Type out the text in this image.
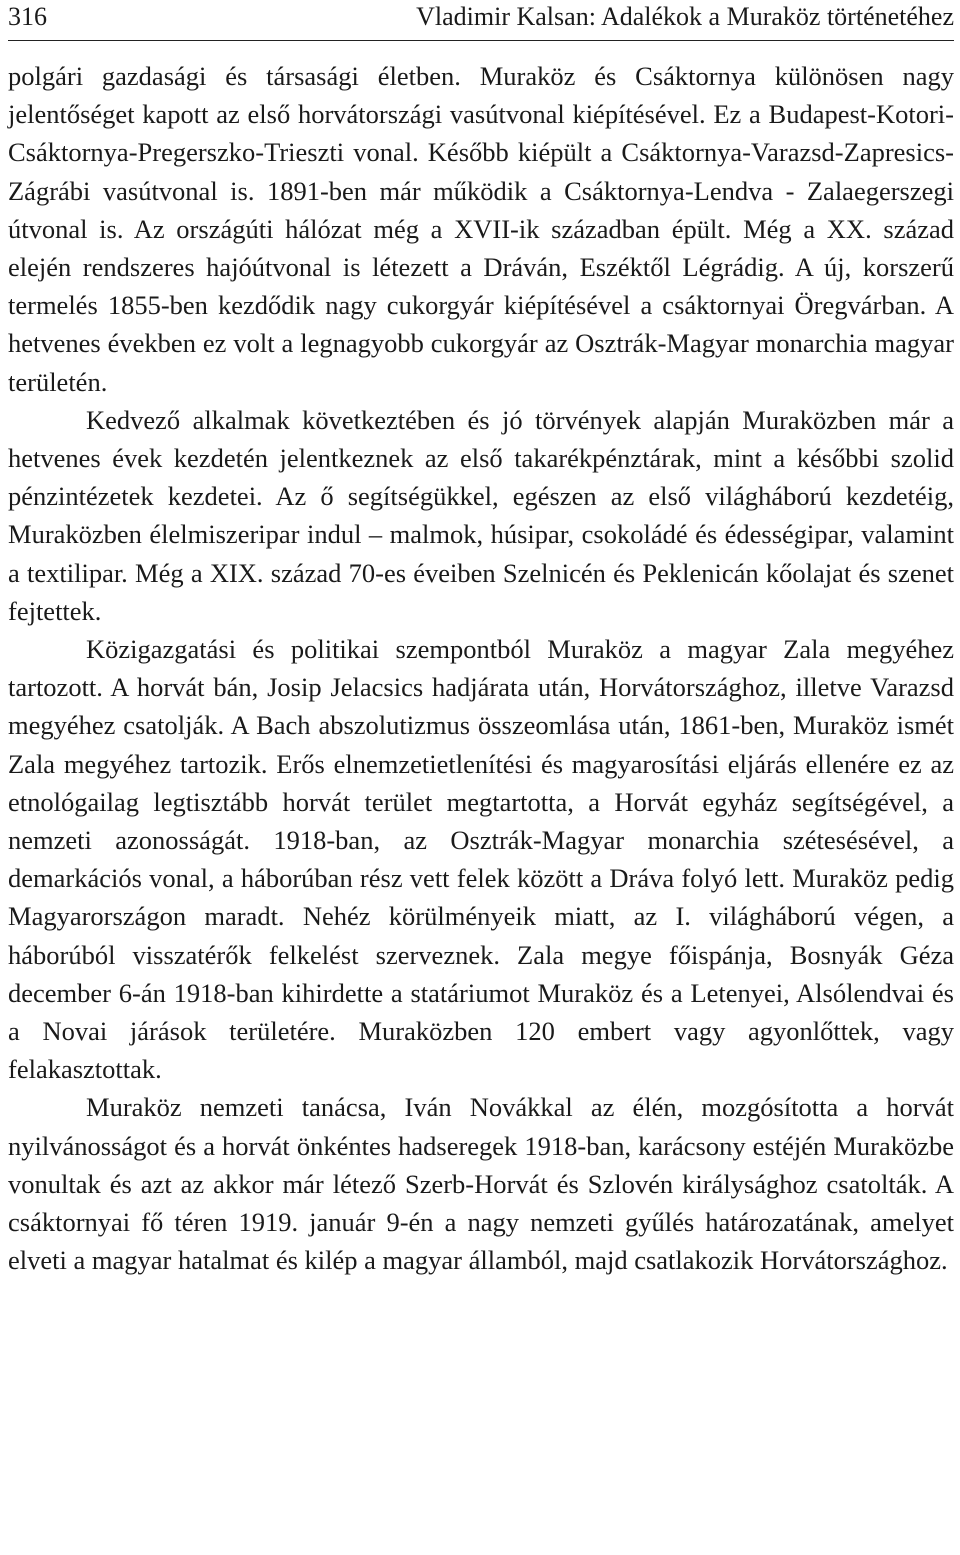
316	Vladimir Kalsan: Adalékok a Muraköz történetéhez

polgári gazdasági és társasági életben. Muraköz és Csáktornya különösen nagy jelentőséget kapott az első horvátországi vasútvonal kiépítésével. Ez a Budapest-Kotori-Csáktornya-Pregerszko-Trieszti vonal. Később kiépült a Csáktornya-Varazsd-Zapresics-Zágrábi vasútvonal is. 1891-ben már működik a Csáktornya-Lendva - Zalaegerszegi útvonal is. Az országúti hálózat még a XVII-ik században épült. Még a XX. század elején rendszeres hajóútvonal is létezett a Dráván, Eszéktől Légrádig. A új, korszerű termelés 1855-ben kezdődik nagy cukorgyár kiépítésével a csáktornyai Öregvárban. A hetvenes években ez volt a legnagyobb cukorgyár az Osztrák-Magyar monarchia magyar területén.

Kedvező alkalmak következtében és jó törvények alapján Muraközben már a hetvenes évek kezdetén jelentkeznek az első takarékpénztárak, mint a későbbi szolid pénzintézetek kezdetei. Az ő segítségükkel, egészen az első világháború kezdetéig, Muraközben élelmiszeripar indul – malmok, húsipar, csokoládé és édességipar, valamint a textilipar. Még a XIX. század 70-es éveiben Szelnicén és Peklenicán kőolajat és szenet fejtettek.

Közigazgatási és politikai szempontból Muraköz a magyar Zala megyéhez tartozott. A horvát bán, Josip Jelacsics hadjárata után, Horvátországhoz, illetve Varazsd megyéhez csatolják. A Bach abszolutizmus összeomlása után, 1861-ben, Muraköz ismét Zala megyéhez tartozik. Erős elnemzetietlenítési és magyarosítási eljárás ellenére ez az etnológailag legtisztább horvát terület megtartotta, a Horvát egyház segítségével, a nemzeti azonosságát. 1918-ban, az Osztrák-Magyar monarchia szétesésével, a demarkációs vonal, a háborúban rész vett felek között a Dráva folyó lett. Muraköz pedig Magyarországon maradt. Nehéz körülményeik miatt, az I. világháború végen, a háborúból visszatérők felkelést szerveznek. Zala megye főispánja, Bosnyák Géza december 6-án 1918-ban kihirdette a statáriumot Muraköz és a Letenyei, Alsólendvai és a Novai járások területére. Muraközben 120 embert vagy agyonlőttek, vagy felakasztottak.

Muraköz nemzeti tanácsa, Iván Novákkal az élén, mozgósította a horvát nyilvánosságot és a horvát önkéntes hadseregek 1918-ban, karácsony estéjén Muraközbe vonultak és azt az akkor már létező Szerb-Horvát és Szlovén királysághoz csatolták. A csáktornyai fő téren 1919. január 9-én a nagy nemzeti gyűlés határozatának, amelyet elveti a magyar hatalmat és kilép a magyar államból, majd csatlakozik Horvátországhoz.
